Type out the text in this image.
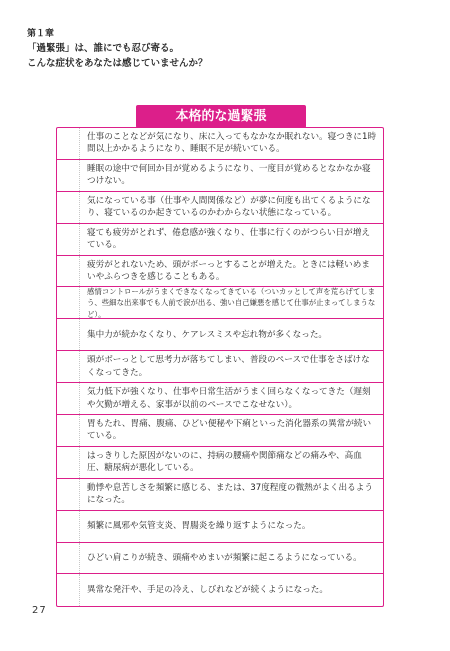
第１章
「過緊張」は、誰にでも忍び寄る。
こんな症状をあなたは感じていませんか？
本格的な過緊張
仕事のことなどが気になり、床に入ってもなかなか眠れない。寝つきに1時間以上かかるようになり、睡眠不足が続いている。
睡眠の途中で何回か目が覚めるようになり、一度目が覚めるとなかなか寝つけない。
気になっている事（仕事や人間関係など）が夢に何度も出てくるようになり、寝ているのか起きているのかわからない状態になっている。
寝ても疲労がとれず、倦怠感が強くなり、仕事に行くのがつらい日が増えている。
疲労がとれないため、頭がボーっとすることが増えた。ときには軽いめまいやふらつきを感じることもある。
感情コントロールがうまくできなくなってきている（ついカッとして声を荒らげてしまう、些細な出来事でも人前で涙が出る、強い自己嫌悪を感じて仕事が止まってしまうなど）。
集中力が続かなくなり、ケアレスミスや忘れ物が多くなった。
頭がボーっとして思考力が落ちてしまい、普段のペースで仕事をさばけなくなってきた。
気力低下が強くなり、仕事や日常生活がうまく回らなくなってきた（遅刻や欠勤が増える、家事が以前のペースでこなせない）。
胃もたれ、胃痛、腹痛、ひどい便秘や下痢といった消化器系の異常が続いている。
はっきりした原因がないのに、持病の腰痛や関節痛などの痛みや、高血圧、糖尿病が悪化している。
動悸や息苦しさを頻繁に感じる、または、37度程度の微熱がよく出るようになった。
頻繁に風邪や気管支炎、胃腸炎を繰り返すようになった。
ひどい肩こりが続き、頭痛やめまいが頻繁に起こるようになっている。
異常な発汗や、手足の冷え、しびれなどが続くようになった。
27
